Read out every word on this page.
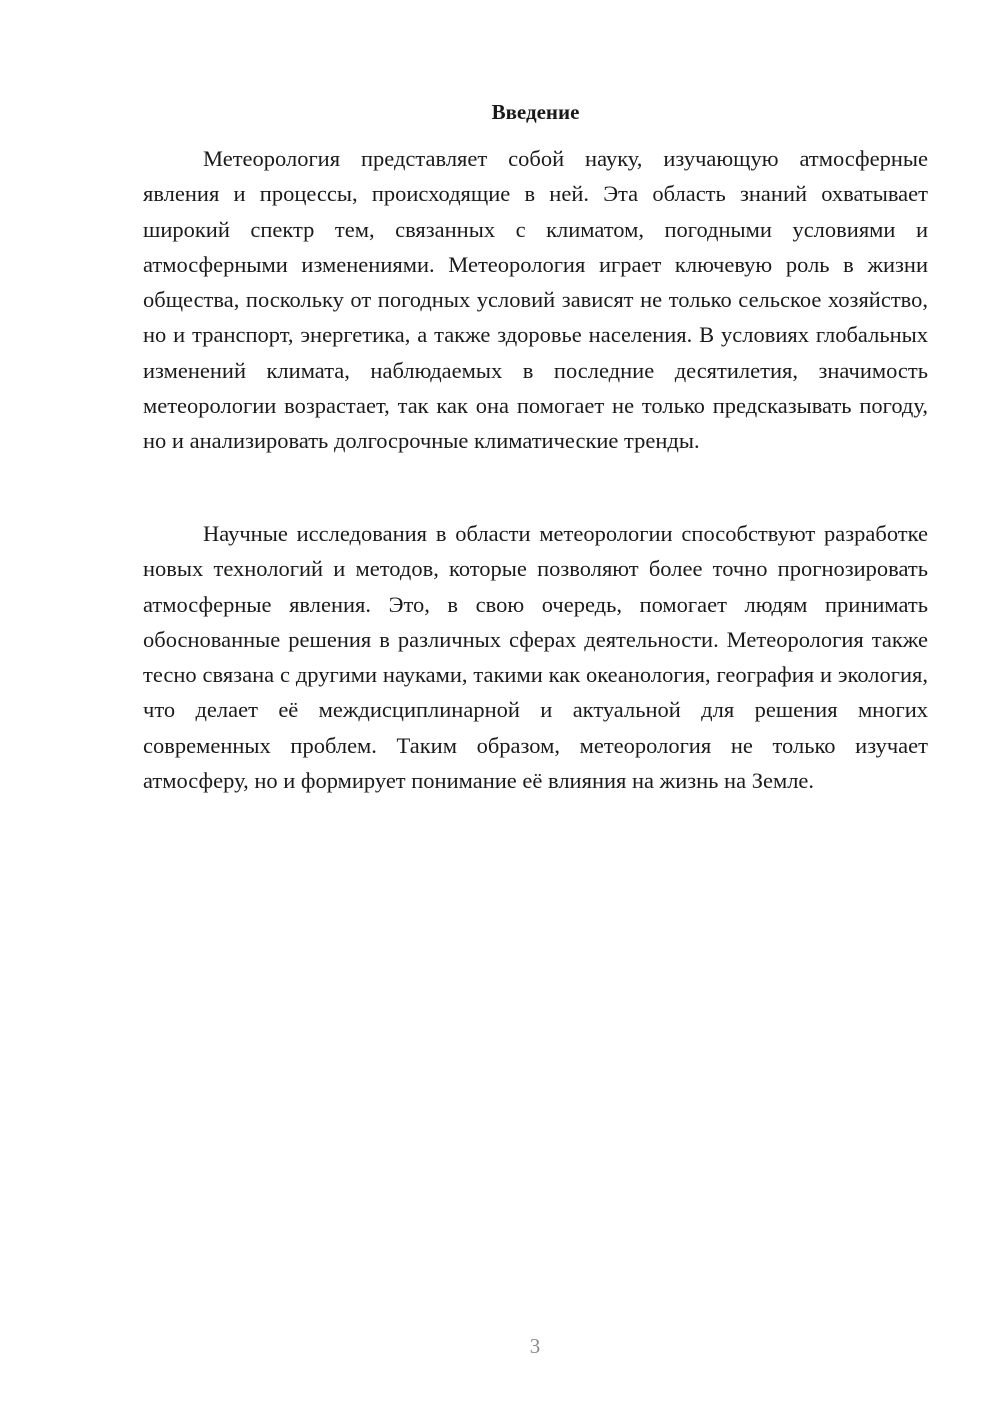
Введение

Метеорология представляет собой науку, изучающую атмосферные явления и процессы, происходящие в ней. Эта область знаний охватывает широкий спектр тем, связанных с климатом, погодными условиями и атмосферными изменениями. Метеорология играет ключевую роль в жизни общества, поскольку от погодных условий зависят не только сельское хозяйство, но и транспорт, энергетика, а также здоровье населения. В условиях глобальных изменений климата, наблюдаемых в последние десятилетия, значимость метеорологии возрастает, так как она помогает не только предсказывать погоду, но и анализировать долгосрочные климатические тренды.

Научные исследования в области метеорологии способствуют разработке новых технологий и методов, которые позволяют более точно прогнозировать атмосферные явления. Это, в свою очередь, помогает людям принимать обоснованные решения в различных сферах деятельности. Метеорология также тесно связана с другими науками, такими как океанология, география и экология, что делает её междисциплинарной и актуальной для решения многих современных проблем. Таким образом, метеорология не только изучает атмосферу, но и формирует понимание её влияния на жизнь на Земле.

3
